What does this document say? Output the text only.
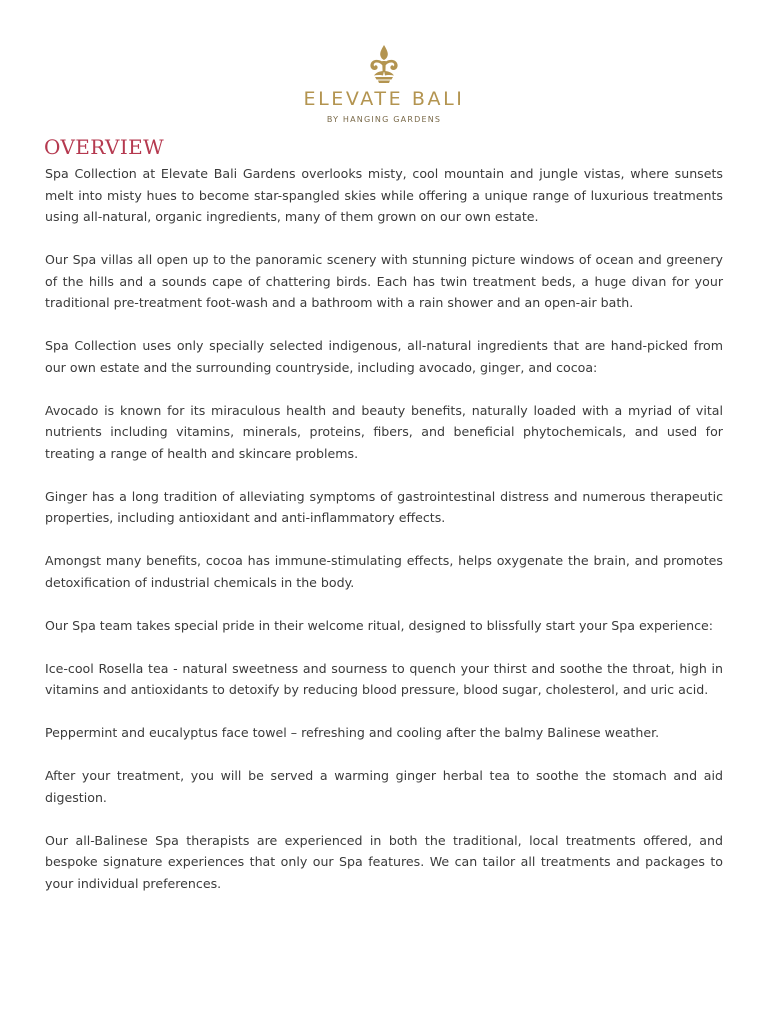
ELEVATE BALI
BY HANGING GARDENS
OVERVIEW

Spa Collection at Elevate Bali Gardens overlooks misty, cool mountain and jungle vistas, where sunsets melt into misty hues to become star-spangled skies while offering a unique range of luxurious treatments using all-natural, organic ingredients, many of them grown on our own estate.

Our Spa villas all open up to the panoramic scenery with stunning picture windows of ocean and greenery of the hills and a sounds cape of chattering birds. Each has twin treatment beds, a huge divan for your traditional pre-treatment foot-wash and a bathroom with a rain shower and an open-air bath.

Spa Collection uses only specially selected indigenous, all-natural ingredients that are hand-picked from our own estate and the surrounding countryside, including avocado, ginger, and cocoa:

Avocado is known for its miraculous health and beauty benefits, naturally loaded with a myriad of vital nutrients including vitamins, minerals, proteins, fibers, and beneficial phytochemicals, and used for treating a range of health and skincare problems.

Ginger has a long tradition of alleviating symptoms of gastrointestinal distress and numerous therapeutic properties, including antioxidant and anti-inflammatory effects.

Amongst many benefits, cocoa has immune-stimulating effects, helps oxygenate the brain, and promotes detoxification of industrial chemicals in the body.

Our Spa team takes special pride in their welcome ritual, designed to blissfully start your Spa experience:

Ice-cool Rosella tea - natural sweetness and sourness to quench your thirst and soothe the throat, high in vitamins and antioxidants to detoxify by reducing blood pressure, blood sugar, cholesterol, and uric acid.

Peppermint and eucalyptus face towel – refreshing and cooling after the balmy Balinese weather.

After your treatment, you will be served a warming ginger herbal tea to soothe the stomach and aid digestion.

Our all-Balinese Spa therapists are experienced in both the traditional, local treatments offered, and bespoke signature experiences that only our Spa features. We can tailor all treatments and packages to your individual preferences.
